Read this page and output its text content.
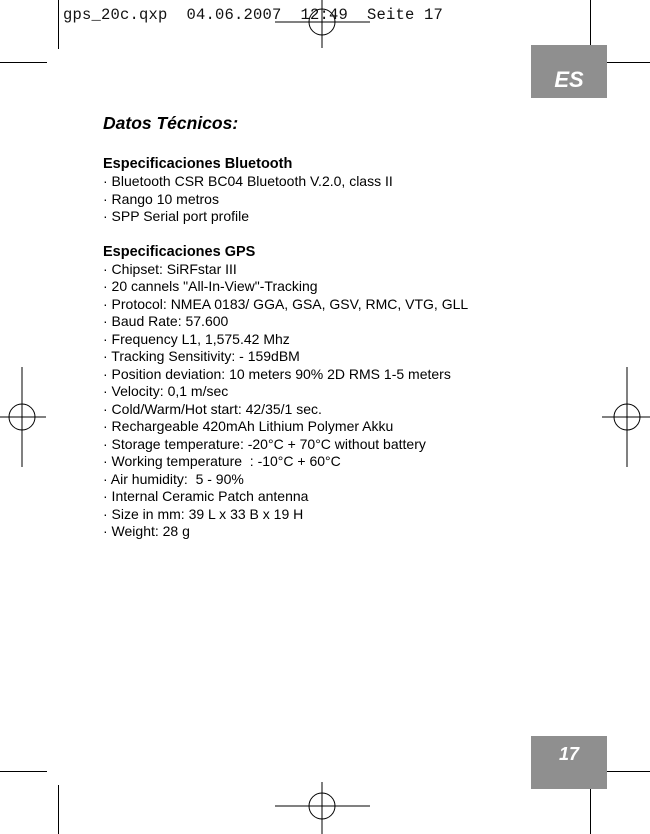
gps_20c.qxp  04.06.2007  12:49  Seite 17
ES
17
Datos Técnicos:
Especificaciones Bluetooth
· Bluetooth CSR BC04 Bluetooth V.2.0, class II
· Rango 10 metros
· SPP Serial port profile
Especificaciones GPS
· Chipset: SiRFstar III
· 20 cannels "All-In-View"-Tracking
· Protocol: NMEA 0183/ GGA, GSA, GSV, RMC, VTG, GLL
· Baud Rate: 57.600
· Frequency L1, 1,575.42 Mhz
· Tracking Sensitivity: - 159dBM
· Position deviation: 10 meters 90% 2D RMS 1-5 meters
· Velocity: 0,1 m/sec
· Cold/Warm/Hot start: 42/35/1 sec.
· Rechargeable 420mAh Lithium Polymer Akku
· Storage temperature: -20°C + 70°C without battery
· Working temperature  : -10°C + 60°C
· Air humidity:  5 - 90%
· Internal Ceramic Patch antenna
· Size in mm: 39 L x 33 B x 19 H
· Weight: 28 g
